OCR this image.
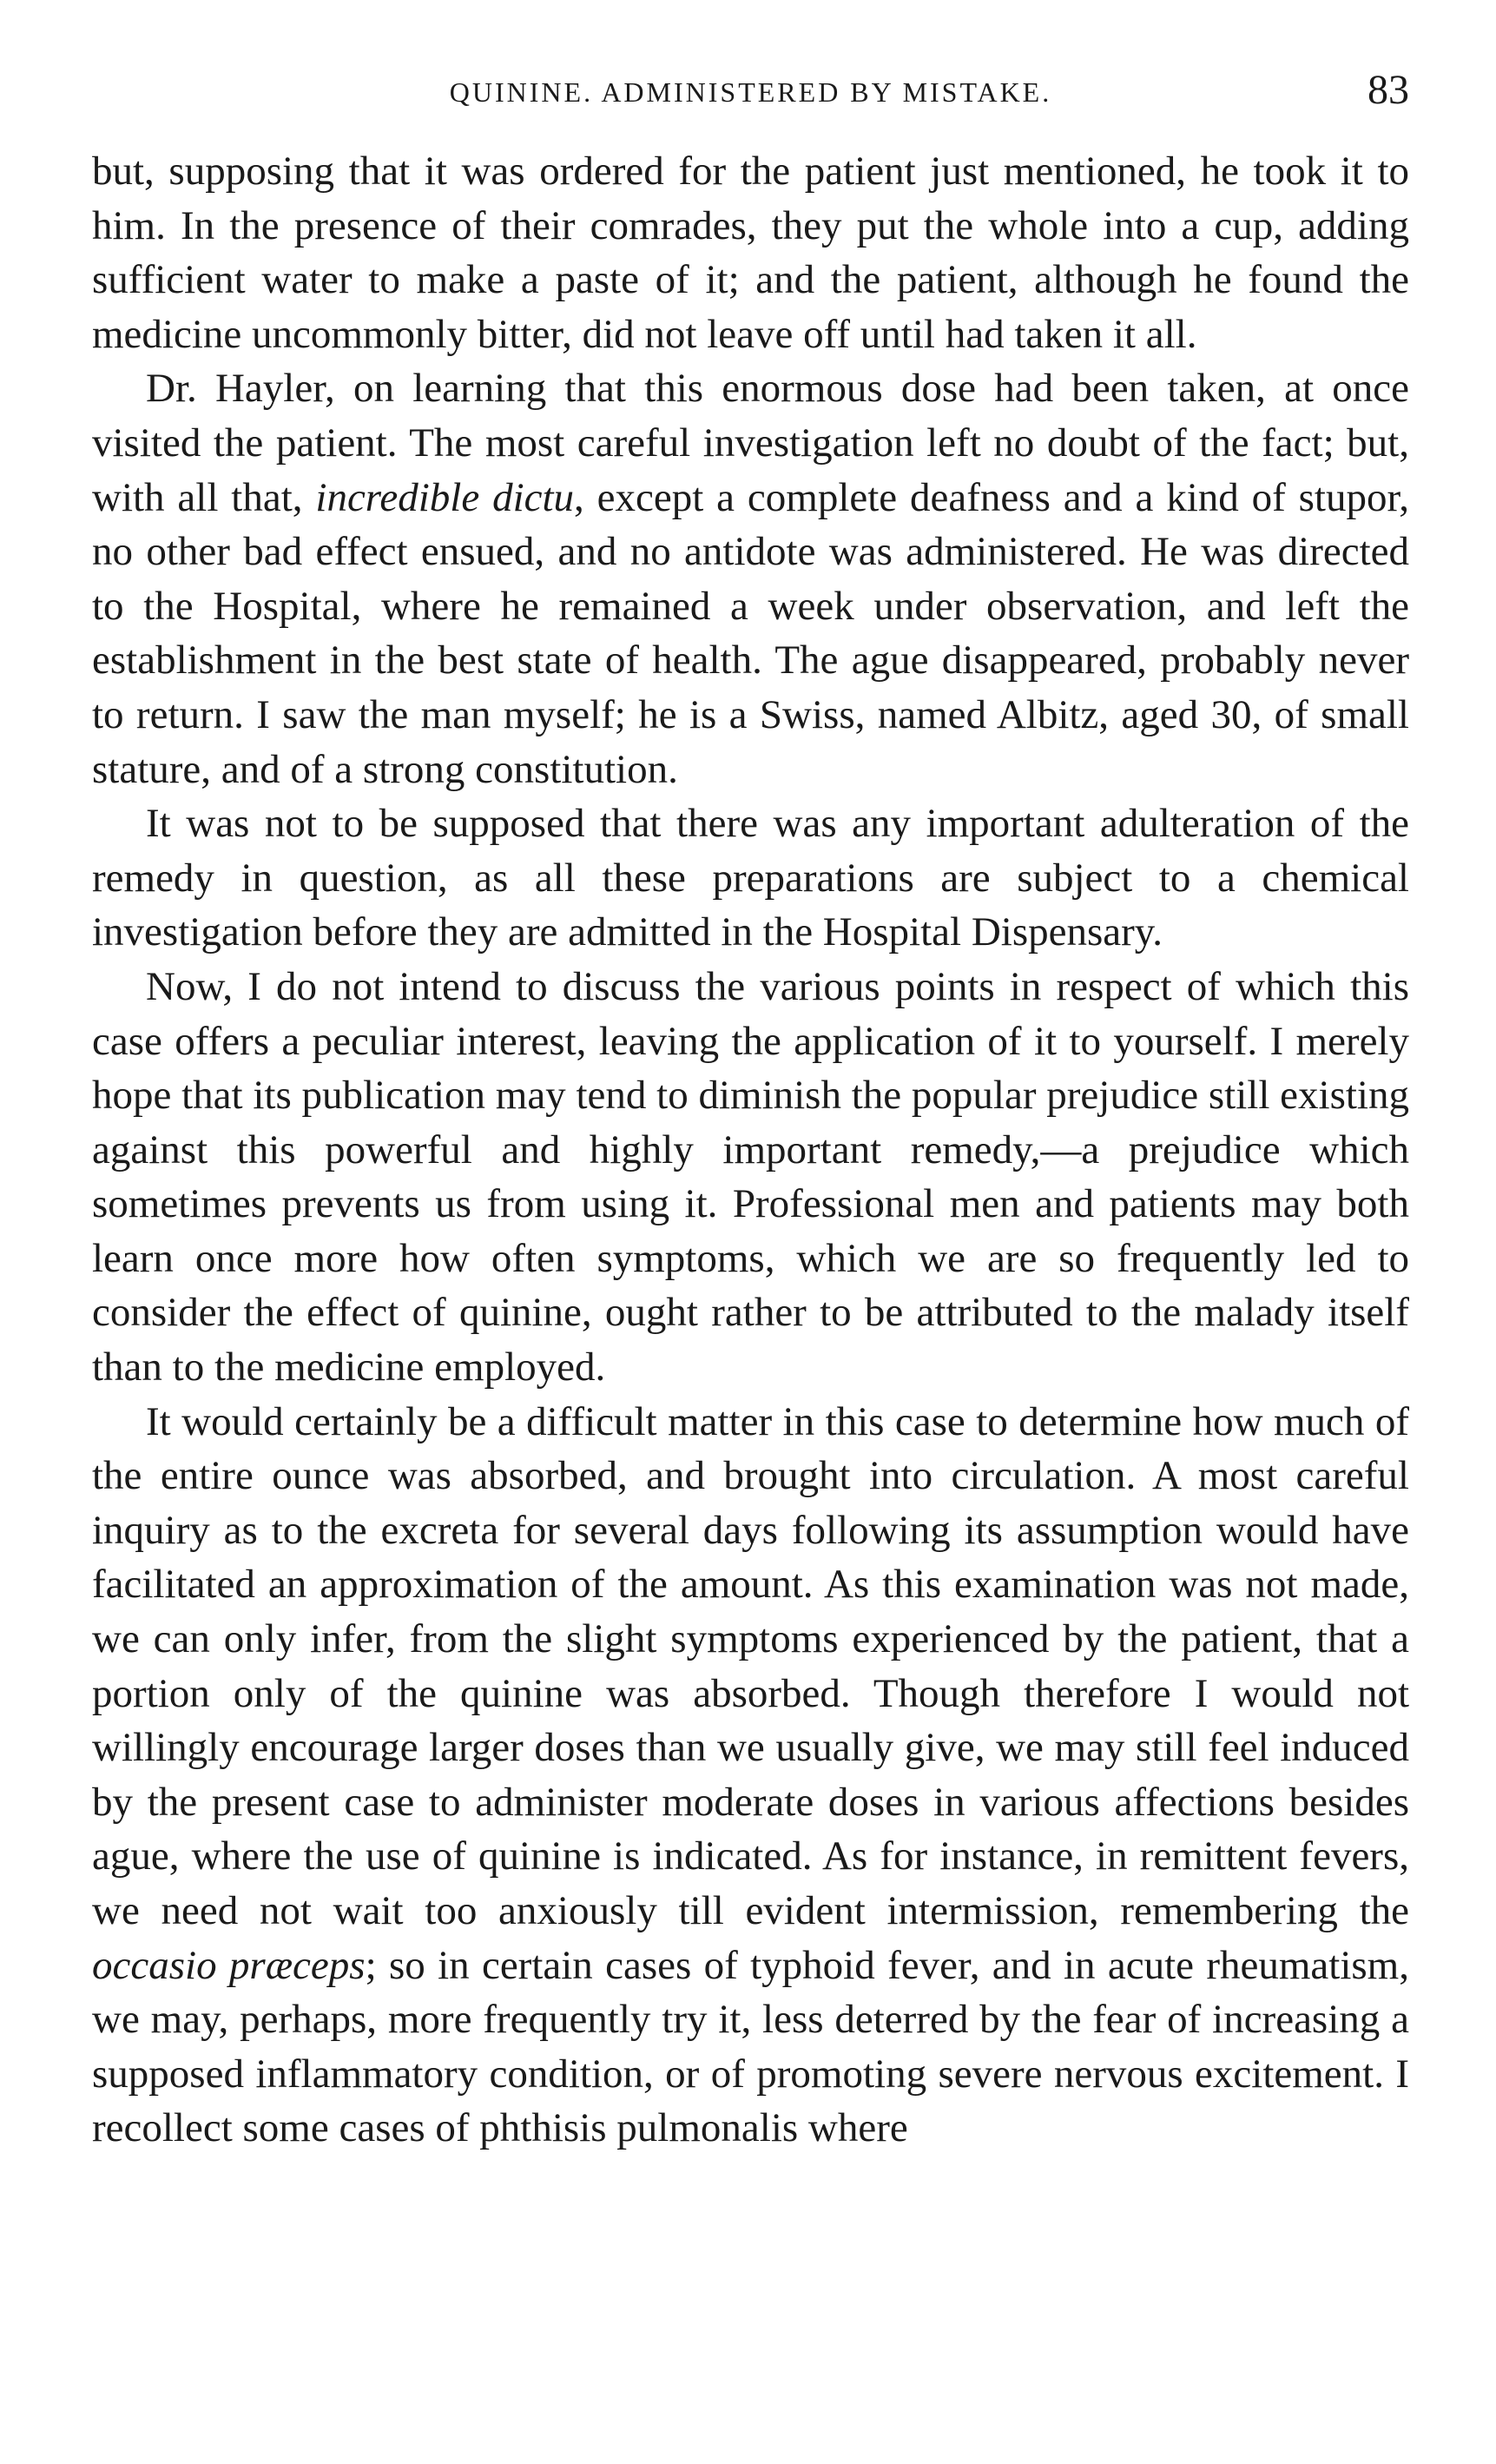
QUININE. ADMINISTERED BY MISTAKE.	83

but, supposing that it was ordered for the patient just mentioned, he took it to him. In the presence of their comrades, they put the whole into a cup, adding sufficient water to make a paste of it; and the patient, although he found the medicine uncommonly bitter, did not leave off until had taken it all.

Dr. Hayler, on learning that this enormous dose had been taken, at once visited the patient. The most careful investigation left no doubt of the fact; but, with all that, incredible dictu, except a complete deafness and a kind of stupor, no other bad effect ensued, and no antidote was administered. He was directed to the Hospital, where he remained a week under observation, and left the establishment in the best state of health. The ague disappeared, probably never to return. I saw the man myself; he is a Swiss, named Albitz, aged 30, of small stature, and of a strong constitution.

It was not to be supposed that there was any important adulteration of the remedy in question, as all these preparations are subject to a chemical investigation before they are admitted in the Hospital Dispensary.

Now, I do not intend to discuss the various points in respect of which this case offers a peculiar interest, leaving the application of it to yourself. I merely hope that its publication may tend to diminish the popular prejudice still existing against this powerful and highly important remedy,—a prejudice which sometimes prevents us from using it. Professional men and patients may both learn once more how often symptoms, which we are so frequently led to consider the effect of quinine, ought rather to be attributed to the malady itself than to the medicine employed.

It would certainly be a difficult matter in this case to determine how much of the entire ounce was absorbed, and brought into circulation. A most careful inquiry as to the excreta for several days following its assumption would have facilitated an approximation of the amount. As this examination was not made, we can only infer, from the slight symptoms experienced by the patient, that a portion only of the quinine was absorbed. Though therefore I would not willingly encourage larger doses than we usually give, we may still feel induced by the present case to administer moderate doses in various affections besides ague, where the use of quinine is indicated. As for instance, in remittent fevers, we need not wait too anxiously till evident intermission, remembering the occasio præceps; so in certain cases of typhoid fever, and in acute rheumatism, we may, perhaps, more frequently try it, less deterred by the fear of increasing a supposed inflammatory condition, or of promoting severe nervous excitement. I recollect some cases of phthisis pulmonalis where
